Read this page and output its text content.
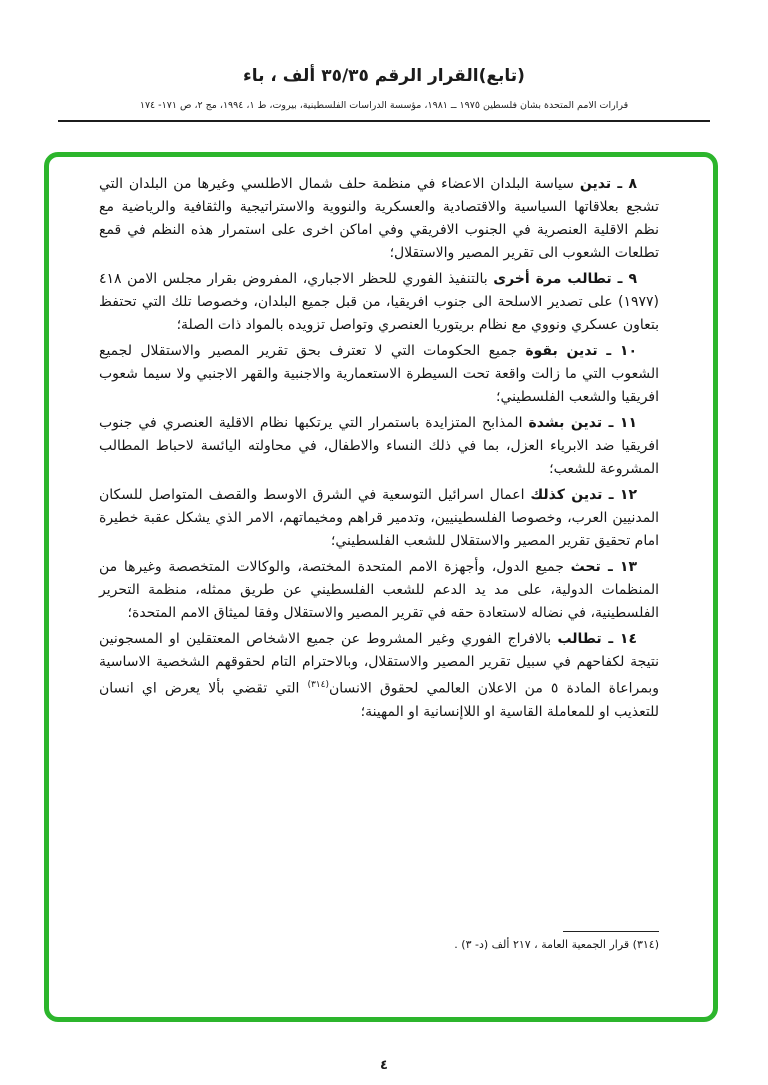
(تابع)القرار الرقم ٣٥/٣٥ ألف ، باء
قرارات الامم المتحدة بشأن فلسطين ١٩٧٥ ــ ١٩٨١، مؤسسة الدراسات الفلسطينية، بيروت، ط ١، ١٩٩٤، مج ٢، ص ١٧١- ١٧٤

٨ ـ تدين سياسة البلدان الاعضاء في منظمة حلف شمال الاطلسي وغيرها من البلدان التي تشجع بعلاقاتها السياسية والاقتصادية والعسكرية والنووية والاستراتيجية والثقافية والرياضية مع نظم الاقلية العنصرية في الجنوب الافريقي وفي اماكن اخرى على استمرار هذه النظم في قمع تطلعات الشعوب الى تقرير المصير والاستقلال؛

٩ ـ تطالب مرة أخرى بالتنفيذ الفوري للحظر الاجباري، المفروض بقرار مجلس الامن ٤١٨ (١٩٧٧) على تصدير الاسلحة الى جنوب افريقيا، من قبل جميع البلدان، وخصوصا تلك التي تحتفظ بتعاون عسكري ونووي مع نظام بريتوريا العنصري وتواصل تزويده بالمواد ذات الصلة؛

١٠ ـ تدين بقوة جميع الحكومات التي لا تعترف بحق تقرير المصير والاستقلال لجميع الشعوب التي ما زالت واقعة تحت السيطرة الاستعمارية والاجنبية والقهر الاجنبي ولا سيما شعوب افريقيا والشعب الفلسطيني؛

١١ ـ تدين بشدة المذابح المتزايدة باستمرار التي يرتكبها نظام الاقلية العنصري في جنوب افريقيا ضد الابرياء العزل، بما في ذلك النساء والاطفال، في محاولته اليائسة لاحباط المطالب المشروعة للشعب؛

١٢ ـ تدين كذلك اعمال اسرائيل التوسعية في الشرق الاوسط والقصف المتواصل للسكان المدنيين العرب، وخصوصا الفلسطينيين، وتدمير قراهم ومخيماتهم، الامر الذي يشكل عقبة خطيرة امام تحقيق تقرير المصير والاستقلال للشعب الفلسطيني؛

١٣ ـ تحث جميع الدول، وأجهزة الامم المتحدة المختصة، والوكالات المتخصصة وغيرها من المنظمات الدولية، على مد يد الدعم للشعب الفلسطيني عن طريق ممثله، منظمة التحرير الفلسطينية، في نضاله لاستعادة حقه في تقرير المصير والاستقلال وفقا لميثاق الامم المتحدة؛

١٤ ـ تطالب بالافراج الفوري وغير المشروط عن جميع الاشخاص المعتقلين او المسجونين نتيجة لكفاحهم في سبيل تقرير المصير والاستقلال، وبالاحترام التام لحقوقهم الشخصية الاساسية وبمراعاة المادة ٥ من الاعلان العالمي لحقوق الانسان$^{(٣١٤)}$ التي تقضي بألا يعرض اي انسان للتعذيب او للمعاملة القاسية او اللاإنسانية او المهينة؛

(٣١٤) قرار الجمعية العامة ، ٢١٧ ألف (د- ٣) .
٤
